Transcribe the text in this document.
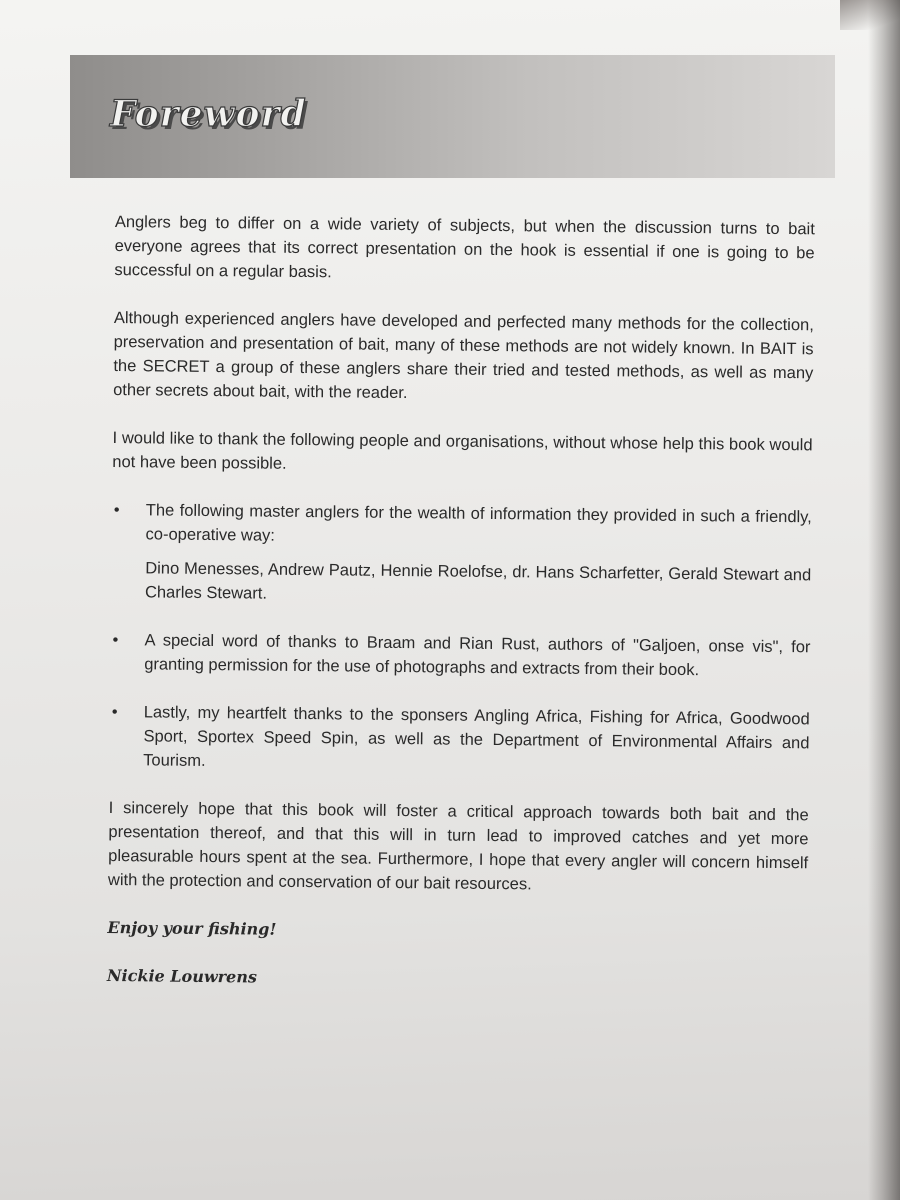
Foreword

Anglers beg to differ on a wide variety of subjects, but when the discussion turns to bait everyone agrees that its correct presentation on the hook is essential if one is going to be successful on a regular basis.

Although experienced anglers have developed and perfected many methods for the collection, preservation and presentation of bait, many of these methods are not widely known. In BAIT is the SECRET a group of these anglers share their tried and tested methods, as well as many other secrets about bait, with the reader.

I would like to thank the following people and organisations, without whose help this book would not have been possible.

• The following master anglers for the wealth of information they provided in such a friendly, co-operative way:
Dino Menesses, Andrew Pautz, Hennie Roelofse, dr. Hans Scharfetter, Gerald Stewart and Charles Stewart.
• A special word of thanks to Braam and Rian Rust, authors of "Galjoen, onse vis", for granting permission for the use of photographs and extracts from their book.
• Lastly, my heartfelt thanks to the sponsers Angling Africa, Fishing for Africa, Goodwood Sport, Sportex Speed Spin, as well as the Department of Environmental Affairs and Tourism.

I sincerely hope that this book will foster a critical approach towards both bait and the presentation thereof, and that this will in turn lead to improved catches and yet more pleasurable hours spent at the sea. Furthermore, I hope that every angler will concern himself with the protection and conservation of our bait resources.

Enjoy your fishing!

Nickie Louwrens
